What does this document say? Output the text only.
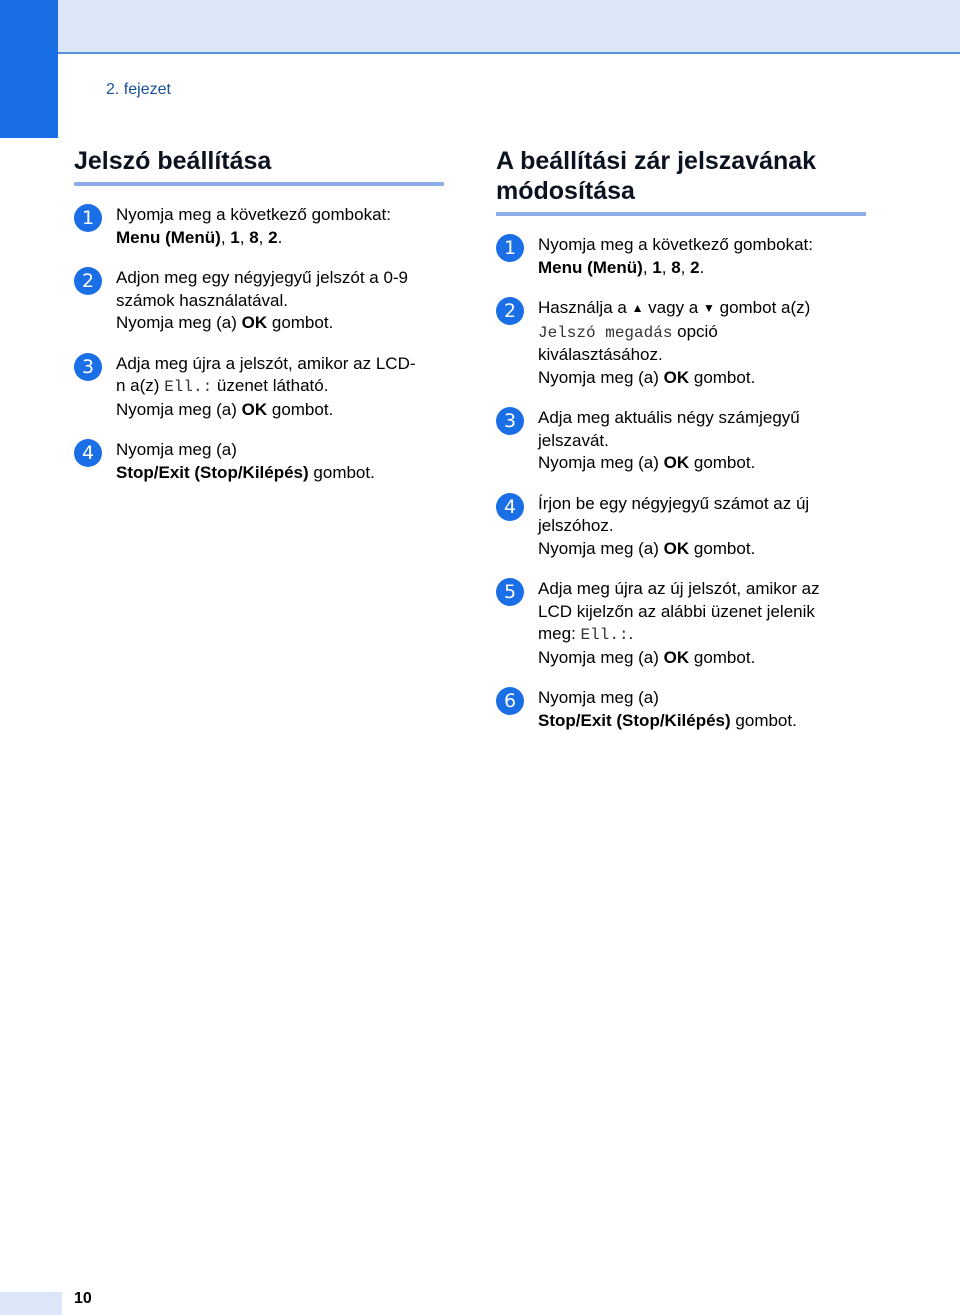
2. fejezet
Jelszó beállítása
1	Nyomja meg a következő gombokat:
Menu (Menü), 1, 8, 2.
2	Adjon meg egy négyjegyű jelszót a 0-9
számok használatával.
Nyomja meg (a) OK gombot.
3	Adja meg újra a jelszót, amikor az LCD-
n a(z) Ell.: üzenet látható.
Nyomja meg (a) OK gombot.
4	Nyomja meg (a)
Stop/Exit (Stop/Kilépés) gombot.
A beállítási zár jelszavának
módosítása
1	Nyomja meg a következő gombokat:
Menu (Menü), 1, 8, 2.
2	Használja a ▲ vagy a ▼ gombot a(z)
Jelszó megadás opció
kiválasztásához.
Nyomja meg (a) OK gombot.
3	Adja meg aktuális négy számjegyű
jelszavát.
Nyomja meg (a) OK gombot.
4	Írjon be egy négyjegyű számot az új
jelszóhoz.
Nyomja meg (a) OK gombot.
5	Adja meg újra az új jelszót, amikor az
LCD kijelzőn az alábbi üzenet jelenik
meg: Ell.:.
Nyomja meg (a) OK gombot.
6	Nyomja meg (a)
Stop/Exit (Stop/Kilépés) gombot.
10
